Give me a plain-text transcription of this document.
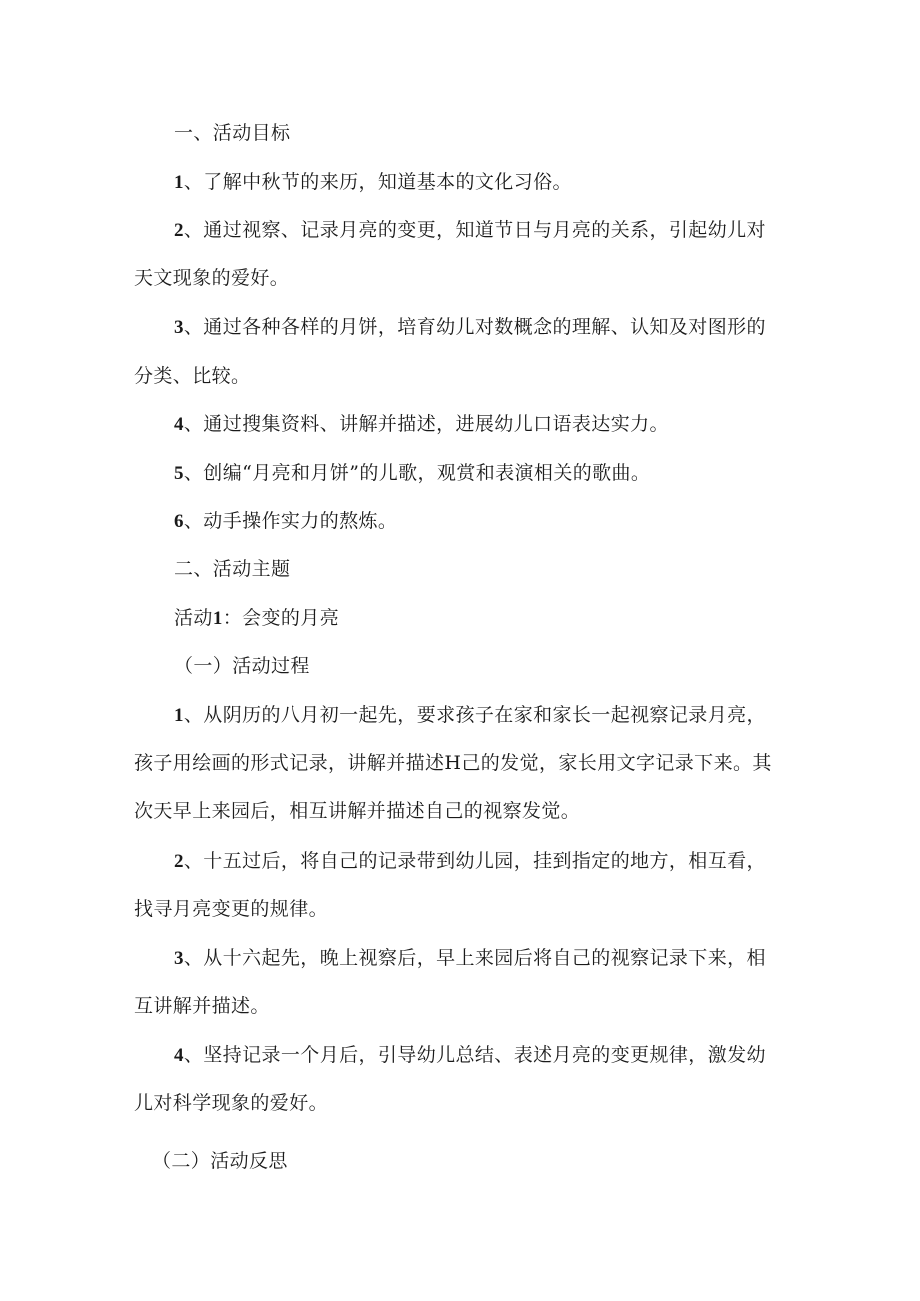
一、活动目标
1、了解中秋节的来历，知道基本的文化习俗。
2、通过视察、记录月亮的变更，知道节日与月亮的关系，引起幼儿对
天文现象的爱好。
3、通过各种各样的月饼，培育幼儿对数概念的理解、认知及对图形的
分类、比较。
4、通过搜集资料、讲解并描述，进展幼儿口语表达实力。
5、创编“月亮和月饼”的儿歌，观赏和表演相关的歌曲。
6、动手操作实力的熬炼。
二、活动主题
活动1：会变的月亮
（一）活动过程
1、从阴历的八月初一起先，要求孩子在家和家长一起视察记录月亮，
孩子用绘画的形式记录，讲解并描述H己的发觉，家长用文字记录下来。其
次天早上来园后，相互讲解并描述自己的视察发觉。
2、十五过后，将自己的记录带到幼儿园，挂到指定的地方，相互看，
找寻月亮变更的规律。
3、从十六起先，晚上视察后，早上来园后将自己的视察记录下来，相
互讲解并描述。
4、坚持记录一个月后，引导幼儿总结、表述月亮的变更规律，激发幼
儿对科学现象的爱好。
（二）活动反思
